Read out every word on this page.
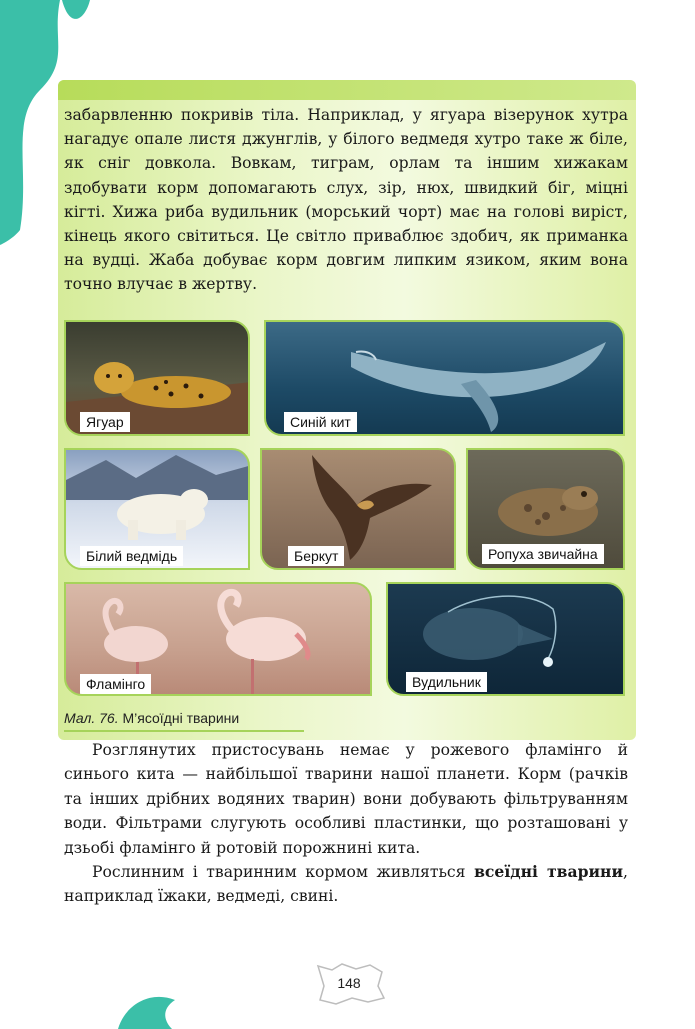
забарвленню покривів тіла. Наприклад, у ягуара візерунок хутра нагадує опале листя джунглів, у білого ведмедя хутро таке ж біле, як сніг довкола. Вовкам, тиграм, орлам та іншим хижакам здобувати корм допомагають слух, зір, нюх, швидкий біг, міцні кігті. Хижа риба вудильник (морський чорт) має на голові виріст, кінець якого світиться. Це світло приваблює здобич, як приманка на вудці. Жаба добуває корм довгим липким язиком, яким вона точно влучає в жертву.

Ягуар	Синій кит
Білий ведмідь	Беркут	Ропуха звичайна
Фламінго	Вудильник
Мал. 76. М’ясоїдні тварини

Розглянутих пристосувань немає у рожевого фламінго й синього кита — найбільшої тварини нашої планети. Корм (рачків та інших дрібних водяних тварин) вони добувають фільтруванням води. Фільтрами слугують особливі пластинки, що розташовані у дзьобі фламінго й ротовій порожнині кита.

Рослинним і тваринним кормом живляться всеїдні тварини, наприклад їжаки, ведмеді, свині.

148
